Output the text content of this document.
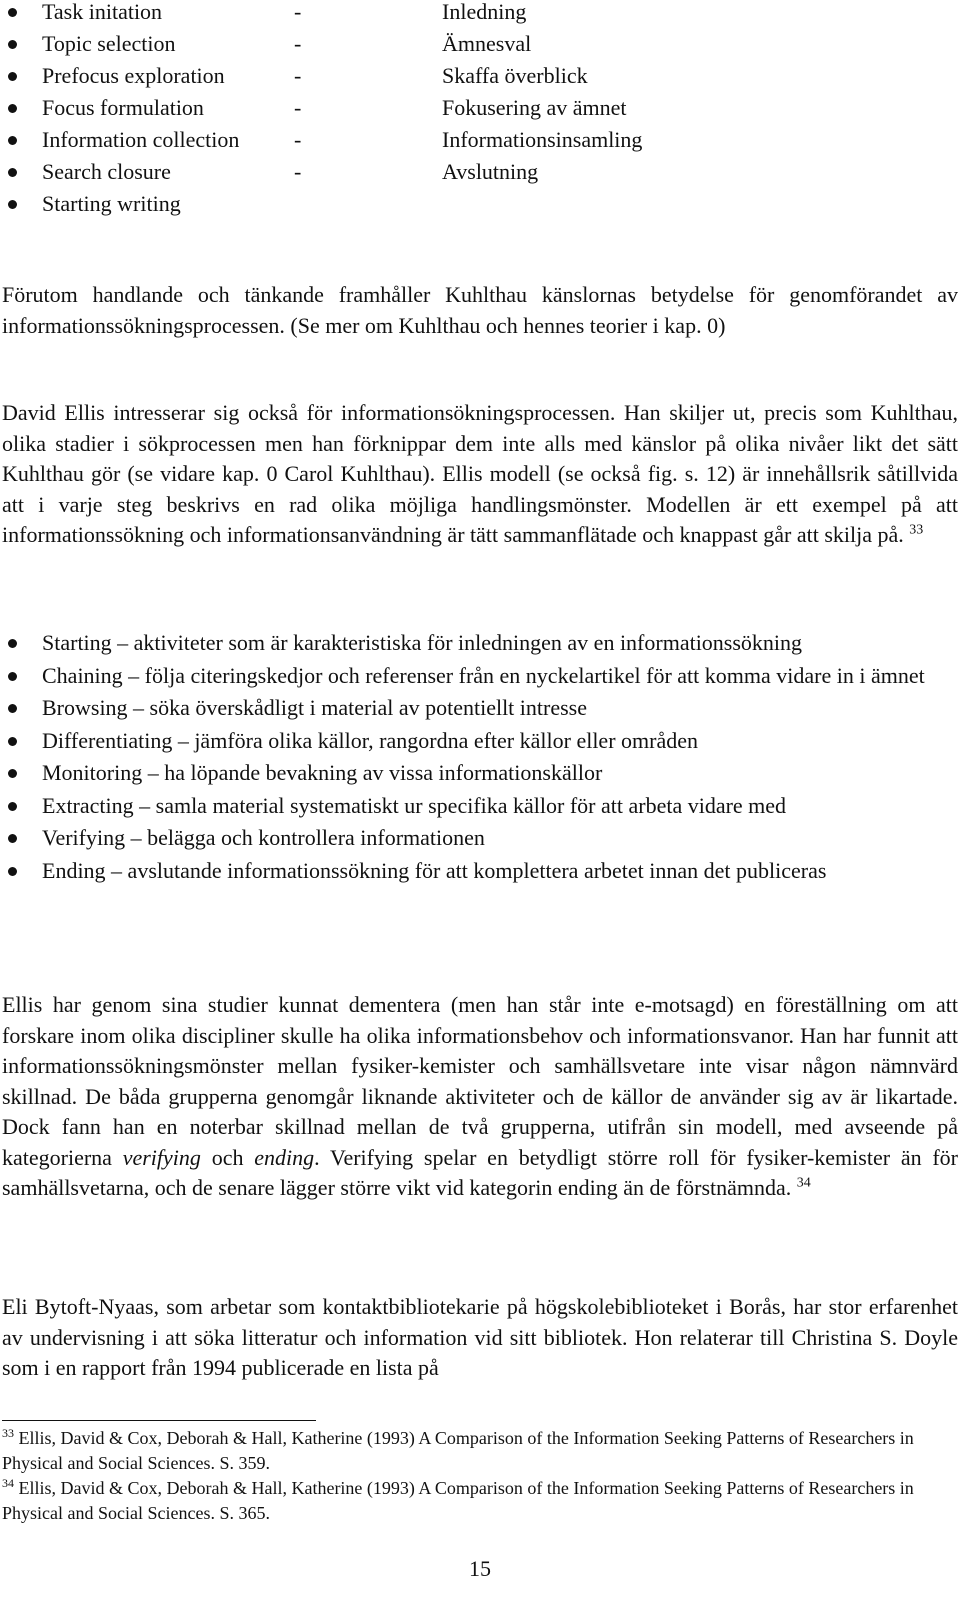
Task initation	-	Inledning
Topic selection	-	Ämnesval
Prefocus exploration	-	Skaffa överblick
Focus formulation	-	Fokusering av ämnet
Information collection -	Informationsinsamling
Search closure	-	Avslutning
Starting writing

Förutom handlande och tänkande framhåller Kuhlthau känslornas betydelse för genomförandet av informationssökningsprocessen. (Se mer om Kuhlthau och hennes teorier i kap. 0)

David Ellis intresserar sig också för informationsökningsprocessen. Han skiljer ut, precis som Kuhlthau, olika stadier i sökprocessen men han förknippar dem inte alls med känslor på olika nivåer likt det sätt Kuhlthau gör (se vidare kap. 0 Carol Kuhlthau). Ellis modell (se också fig. s. 12) är innehållsrik såtillvida att i varje steg beskrivs en rad olika möjliga handlingsmönster. Modellen är ett exempel på att informationssökning och informationsanvändning är tätt sammanflätade och knappast går att skilja på. $^{33}$

Starting – aktiviteter som är karakteristiska för inledningen av en informationssökning
Chaining – följa citeringskedjor och referenser från en nyckelartikel för att komma vidare in i ämnet
Browsing – söka överskådligt i material av potentiellt intresse
Differentiating – jämföra olika källor, rangordna efter källor eller områden
Monitoring – ha löpande bevakning av vissa informationskällor
Extracting – samla material systematiskt ur specifika källor för att arbeta vidare med
Verifying – belägga och kontrollera informationen
Ending – avslutande informationssökning för att komplettera arbetet innan det publiceras

Ellis har genom sina studier kunnat dementera (men han står inte e-motsagd) en föreställning om att forskare inom olika discipliner skulle ha olika informationsbehov och informationsvanor. Han har funnit att informationssökningsmönster mellan fysiker-kemister och samhällsvetare inte visar någon nämnvärd skillnad. De båda grupperna genomgår liknande aktiviteter och de källor de använder sig av är likartade. Dock fann han en noterbar skillnad mellan de två grupperna, utifrån sin modell, med avseende på kategorierna verifying och ending. Verifying spelar en betydligt större roll för fysiker-kemister än för samhällsvetarna, och de senare lägger större vikt vid kategorin ending än de förstnämnda. $^{34}$

Eli Bytoft-Nyaas, som arbetar som kontaktbibliotekarie på högskolebiblioteket i Borås, har stor erfarenhet av undervisning i att söka litteratur och information vid sitt bibliotek. Hon relaterar till Christina S. Doyle som i en rapport från 1994 publicerade en lista på

$^{33}$ Ellis, David & Cox, Deborah & Hall, Katherine (1993) A Comparison of the Information Seeking Patterns of Researchers in Physical and Social Sciences. S. 359.

$^{34}$ Ellis, David & Cox, Deborah & Hall, Katherine (1993) A Comparison of the Information Seeking Patterns of Researchers in Physical and Social Sciences. S. 365.

15
